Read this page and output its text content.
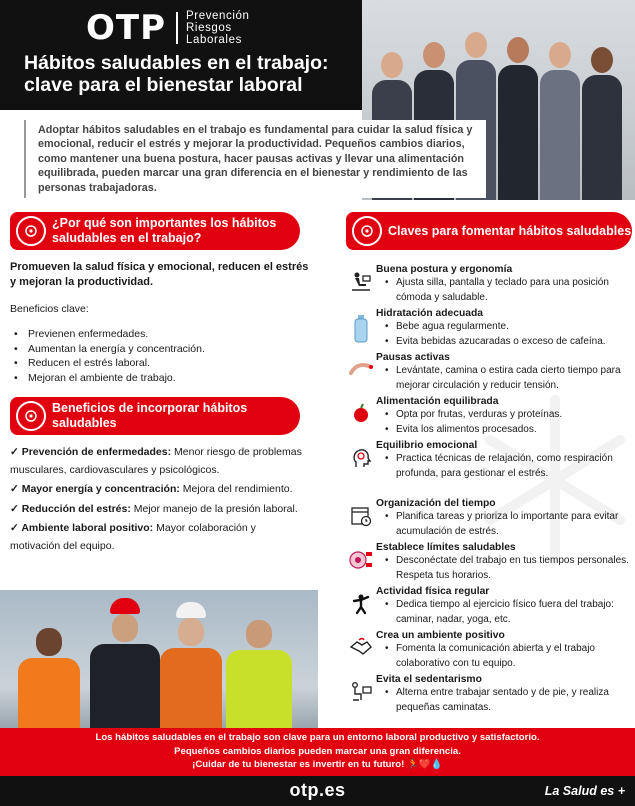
OTP Prevención
Riesgos
Laborales
Hábitos saludables en el trabajo:
clave para el bienestar laboral
Adoptar hábitos saludables en el trabajo es fundamental para cuidar la salud física y emocional, reducir el estrés y mejorar la productividad. Pequeños cambios diarios, como mantener una buena postura, hacer pausas activas y llevar una alimentación equilibrada, pueden marcar una gran diferencia en el bienestar y rendimiento de las personas trabajadoras.
¿Por qué son importantes los hábitos saludables en el trabajo?
Promueven la salud física y emocional, reducen el estrés y mejoran la productividad.
Beneficios clave:
• Previenen enfermedades.
• Aumentan la energía y concentración.
• Reducen el estrés laboral.
• Mejoran el ambiente de trabajo.
Beneficios de incorporar hábitos saludables

✓ Prevención de enfermedades: Menor riesgo de problemas musculares, cardiovasculares y psicológicos.

✓ Mayor energía y concentración: Mejora del rendimiento.

✓ Reducción del estrés: Mejor manejo de la presión laboral.

✓ Ambiente laboral positivo: Mayor colaboración y motivación del equipo.

Claves para fomentar hábitos saludables
Buena postura y ergonomía
• Ajusta silla, pantalla y teclado para una posición cómoda y saludable.
Hidratación adecuada
• Bebe agua regularmente.
• Evita bebidas azucaradas o exceso de cafeína.
Pausas activas
• Levántate, camina o estira cada cierto tiempo para mejorar circulación y reducir tensión.
Alimentación equilibrada
• Opta por frutas, verduras y proteínas.
• Evita los alimentos procesados.
Equilibrio emocional
• Practica técnicas de relajación, como respiración profunda, para gestionar el estrés.
Organización del tiempo
• Planifica tareas y prioriza lo importante para evitar acumulación de estrés.
Establece límites saludables
• Desconéctate del trabajo en tus tiempos personales. Respeta tus horarios.
Actividad física regular
• Dedica tiempo al ejercicio físico fuera del trabajo: caminar, nadar, yoga, etc.
Crea un ambiente positivo
• Fomenta la comunicación abierta y el trabajo colaborativo con tu equipo.
Evita el sedentarismo
• Alterna entre trabajar sentado y de pie, y realiza pequeñas caminatas.
Los hábitos saludables en el trabajo son clave para un entorno laboral productivo y satisfactorio.
Pequeños cambios diarios pueden marcar una gran diferencia.
¡Cuidar de tu bienestar es invertir en tu futuro! 🏃❤️💧
otp.es	La Salud es +
